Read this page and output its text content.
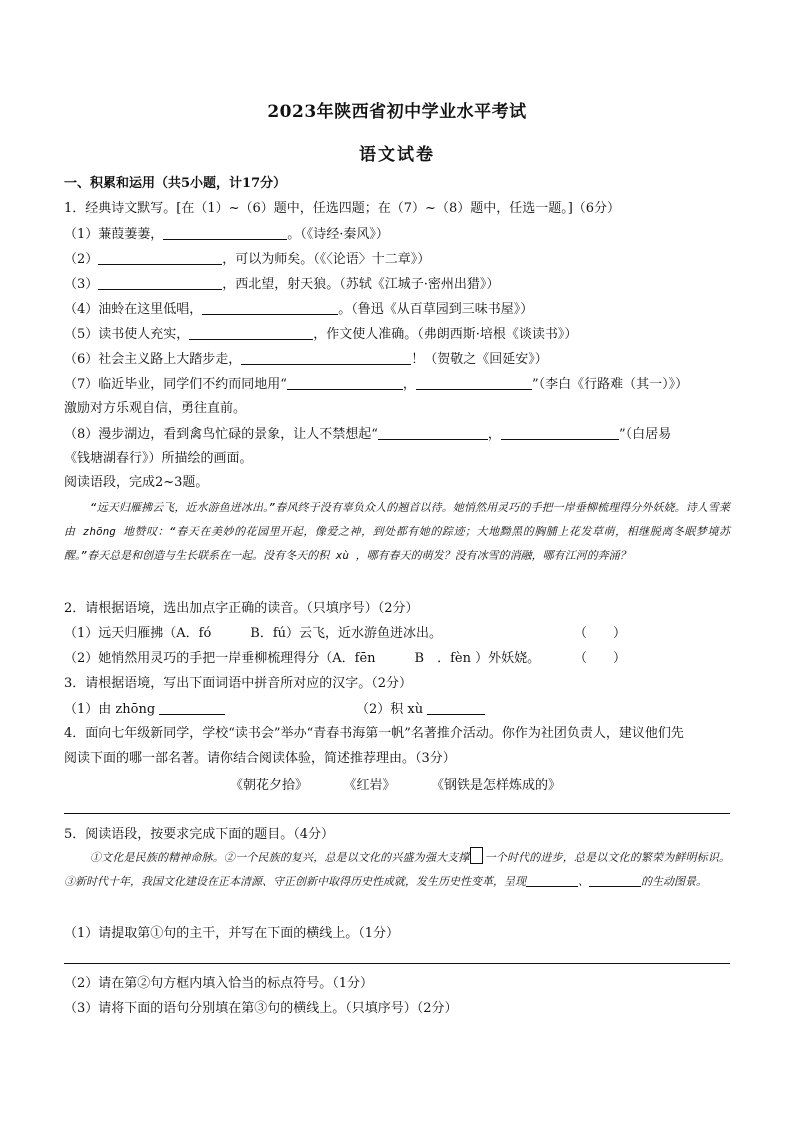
2023年陕西省初中学业水平考试
语文试卷
一、积累和运用（共5小题，计17分）
1．经典诗文默写。[在（1）~（6）题中，任选四题；在（7）~（8）题中，任选一题。]（6分）
（1）蒹葭萋萋，	。（《诗经·秦风》）
（2）	，可以为师矣。（《〈论语〉十二章》）
（3）	，西北望，射天狼。（苏轼《江城子·密州出猎》）
（4）油蛉在这里低唱，	。（鲁迅《从百草园到三味书屋》）
（5）读书使人充实，	，作文使人准确。（弗朗西斯·培根《谈读书》）
（6）社会主义路上大踏步走，	！（贺敬之《回延安》）
（7）临近毕业，同学们不约而同地用“	，	”（李白《行路难（其一）》）
激励对方乐观自信，勇往直前。
（8）漫步湖边，看到禽鸟忙碌的景象，让人不禁想起“	，	”（白居易
《钱塘湖春行》）所描绘的画面。
阅读语段，完成2~3题。
“远天归雁拂云飞，近水游鱼迸冰出。”春风终于没有辜负众人的翘首以待。她悄然用灵巧的手把一岸垂柳梳理得分外妖娆。诗人雪莱由 zhōng 地赞叹：“春天在美妙的花园里开起，像爱之神，到处都有她的踪迹；大地黝黑的胸脯上花发草萌，相继脱离冬眠梦境苏醒。”春天总是和创造与生长联系在一起。没有冬天的积 xù ，哪有春天的萌发？没有冰雪的消融，哪有江河的奔涌？
2．请根据语境，选出加点字正确的读音。（只填序号）（2分）
（1）远天归雁拂（A．fó　　　B．fú）云飞，近水游鱼迸冰出。	（　　）
（2）她悄然用灵巧的手把一岸垂柳梳理得分（A．fēn　　　B　．fèn ）外妖娆。	（　　）
3．请根据语境，写出下面词语中拼音所对应的汉字。（2分）
（1）由 zhōng	（2）积 xù
4．面向七年级新同学，学校“读书会”举办“青春书海第一帆”名著推介活动。你作为社团负责人，建议他们先
阅读下面的哪一部名著。请你结合阅读体验，简述推荐理由。（3分）
《朝花夕拾》	《红岩》	《钢铁是怎样炼成的》
5．阅读语段，按要求完成下面的题目。（4分）
①文化是民族的精神命脉。②一个民族的复兴，总是以文化的兴盛为强大支撑 一个时代的进步，总是以文化的繁荣为鲜明标识。③新时代十年，我国文化建设在正本清源、守正创新中取得历史性成就，发生历史性变革，呈现	、	的生动图景。
（1）请提取第①句的主干，并写在下面的横线上。（1分）
（2）请在第②句方框内填入恰当的标点符号。（1分）
（3）请将下面的语句分别填在第③句的横线上。（只填序号）（2分）
